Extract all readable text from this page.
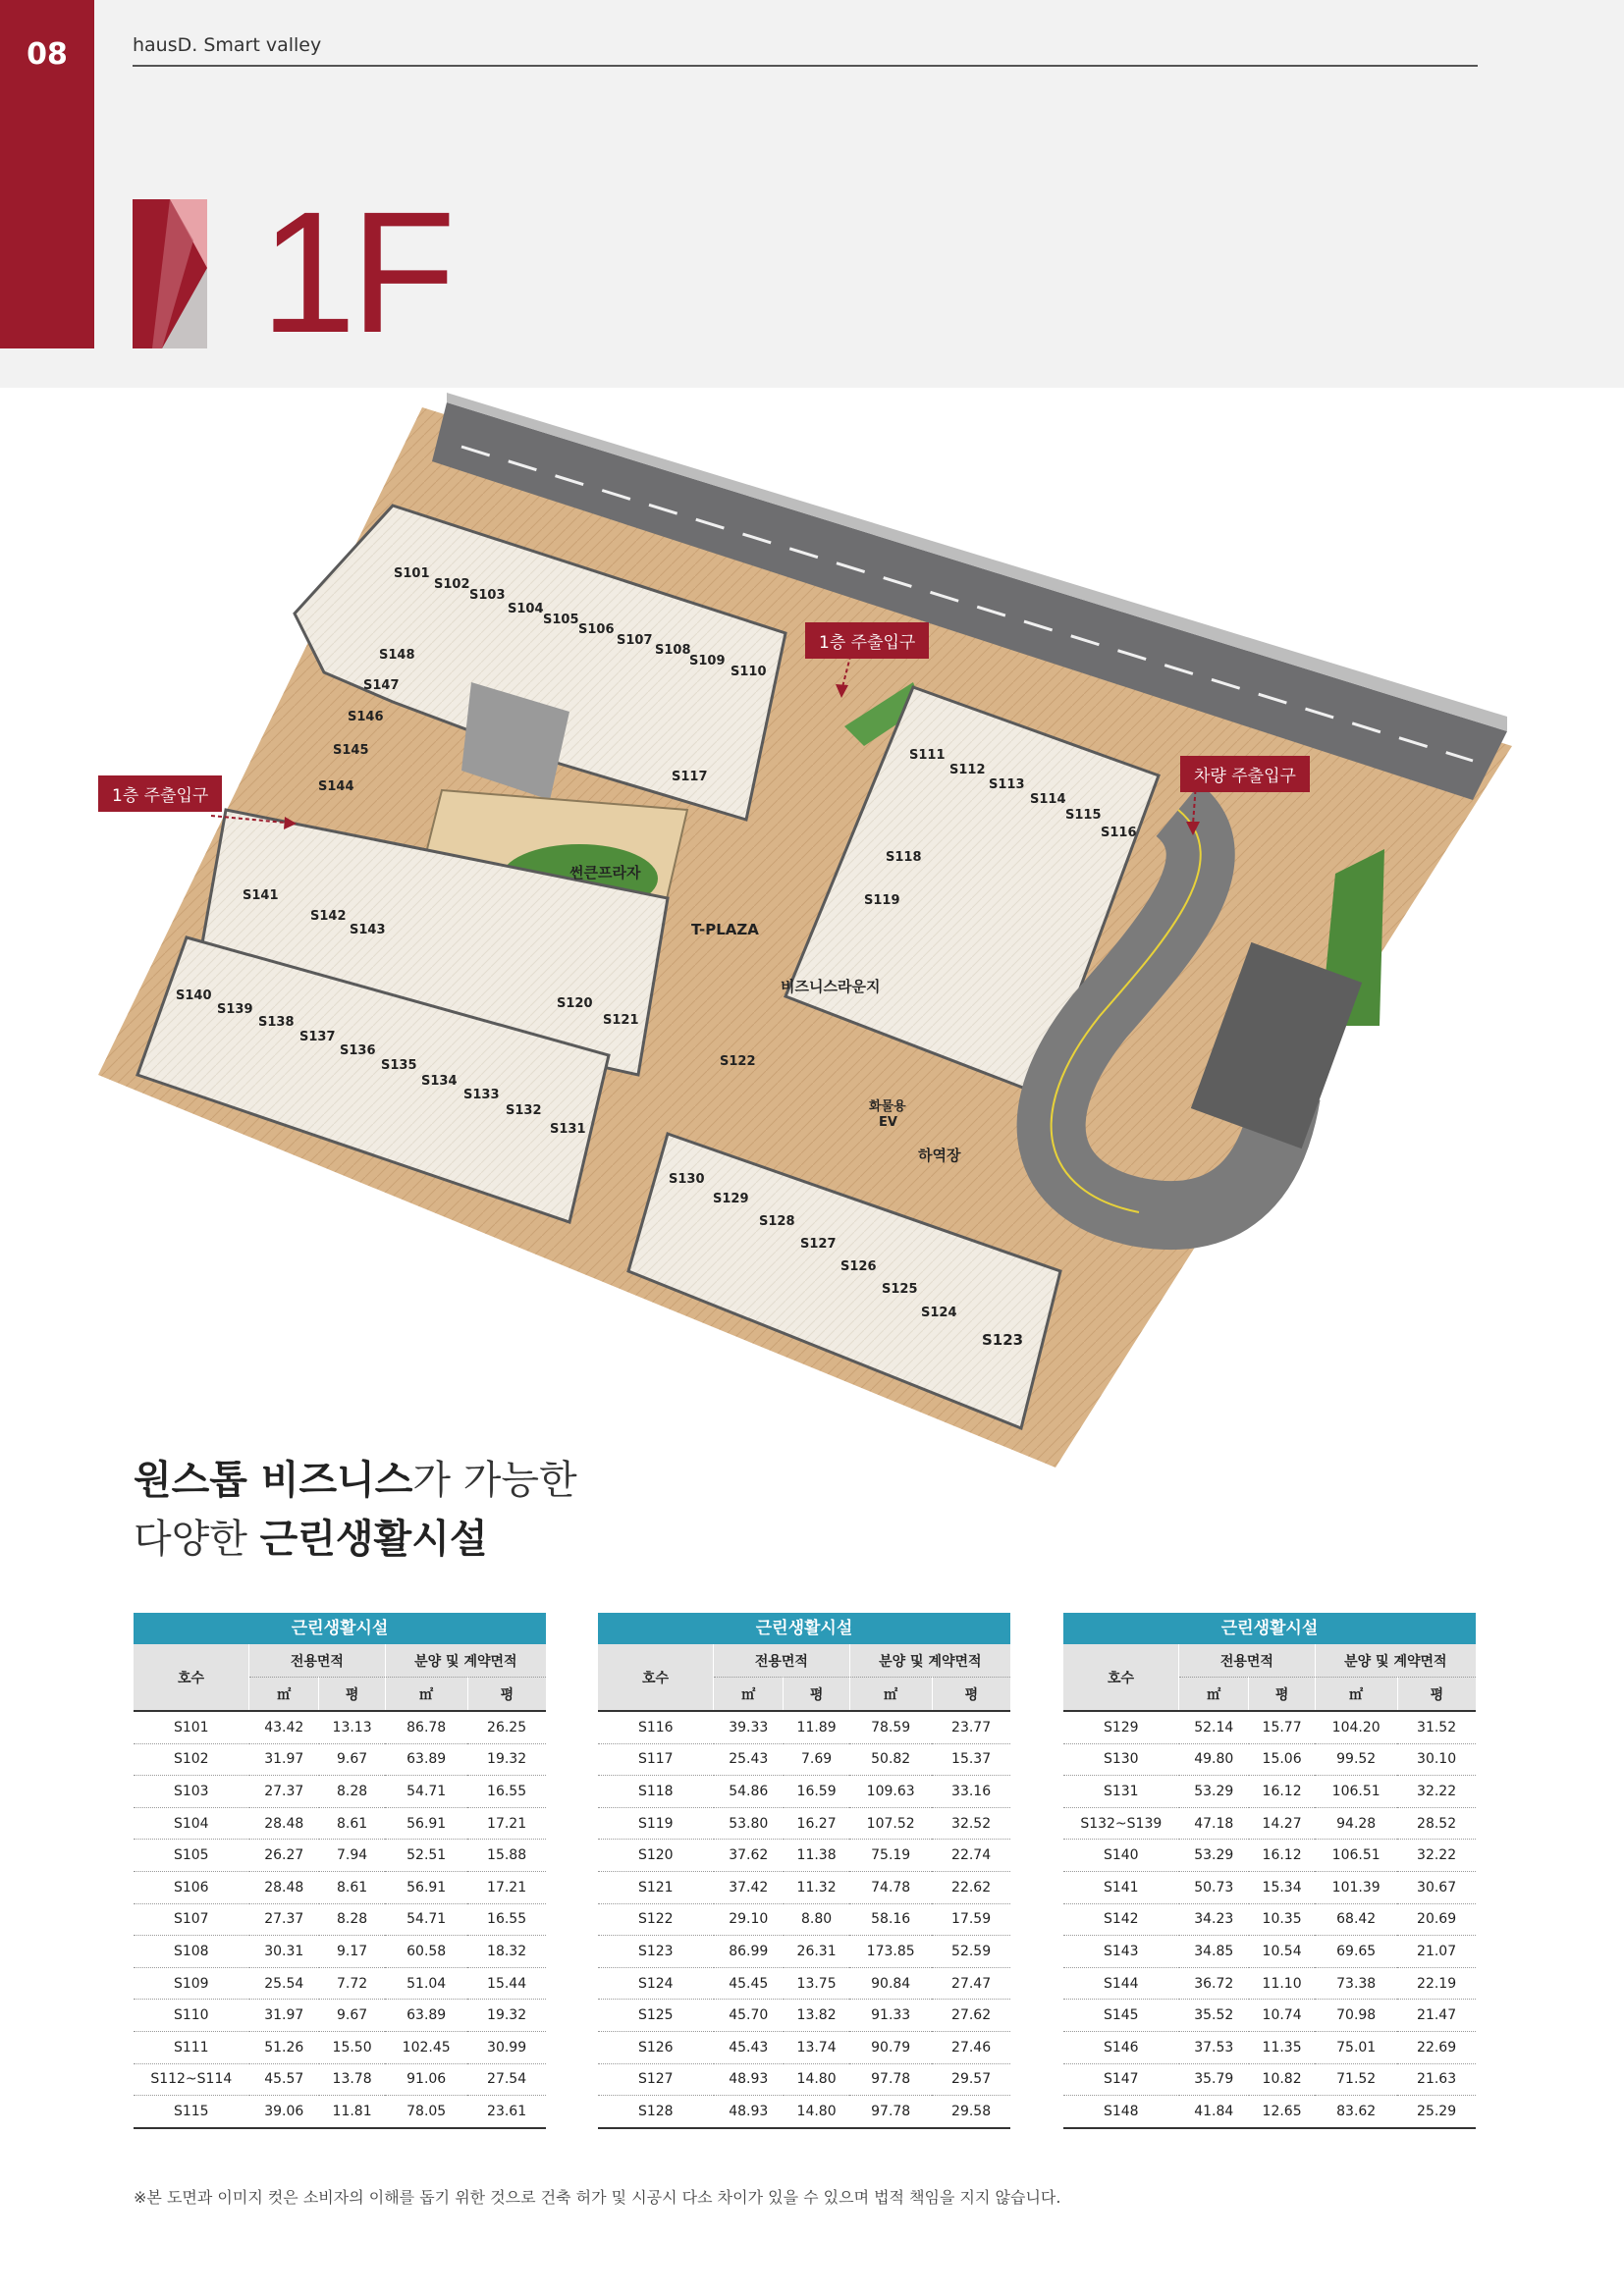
08	hausD. Smart valley
1F
S101
S102
S103
S104
S105
S106
S107
S108
S109
S110
S111
S112
S113
S114
S115
S116
S117
S118
S119
S120
S121
S122
S123
S124
S125
S126
S127
S128
S129
S130
S131
S132
S133
S134
S135
S136
S137
S138
S139
S140
S141
S142
S143
S144
S145
S146
S147
S148
썬큰프라자
T-PLAZA
비즈니스라운지
화물용
EV
하역장
1층 주출입구
1층 주출입구
차량 주출입구
원스톱 비즈니스가 가능한
다양한 근린생활시설
근린생활시설
호수	전용면적		분양 및 계약면적	
	㎡	평	㎡	평
S101	43.42	13.13	86.78	26.25
S102	31.97	9.67	63.89	19.32
S103	27.37	8.28	54.71	16.55
S104	28.48	8.61	56.91	17.21
S105	26.27	7.94	52.51	15.88
S106	28.48	8.61	56.91	17.21
S107	27.37	8.28	54.71	16.55
S108	30.31	9.17	60.58	18.32
S109	25.54	7.72	51.04	15.44
S110	31.97	9.67	63.89	19.32
S111	51.26	15.50	102.45	30.99
S112~S114	45.57	13.78	91.06	27.54
S115	39.06	11.81	78.05	23.61
근린생활시설
호수	전용면적		분양 및 계약면적	
	㎡	평	㎡	평
S116	39.33	11.89	78.59	23.77
S117	25.43	7.69	50.82	15.37
S118	54.86	16.59	109.63	33.16
S119	53.80	16.27	107.52	32.52
S120	37.62	11.38	75.19	22.74
S121	37.42	11.32	74.78	22.62
S122	29.10	8.80	58.16	17.59
S123	86.99	26.31	173.85	52.59
S124	45.45	13.75	90.84	27.47
S125	45.70	13.82	91.33	27.62
S126	45.43	13.74	90.79	27.46
S127	48.93	14.80	97.78	29.57
S128	48.93	14.80	97.78	29.58
근린생활시설
호수	전용면적		분양 및 계약면적	
	㎡	평	㎡	평
S129	52.14	15.77	104.20	31.52
S130	49.80	15.06	99.52	30.10
S131	53.29	16.12	106.51	32.22
S132~S139	47.18	14.27	94.28	28.52
S140	53.29	16.12	106.51	32.22
S141	50.73	15.34	101.39	30.67
S142	34.23	10.35	68.42	20.69
S143	34.85	10.54	69.65	21.07
S144	36.72	11.10	73.38	22.19
S145	35.52	10.74	70.98	21.47
S146	37.53	11.35	75.01	22.69
S147	35.79	10.82	71.52	21.63
S148	41.84	12.65	83.62	25.29
※본 도면과 이미지 컷은 소비자의 이해를 돕기 위한 것으로 건축 허가 및 시공시 다소 차이가 있을 수 있으며 법적 책임을 지지 않습니다.
